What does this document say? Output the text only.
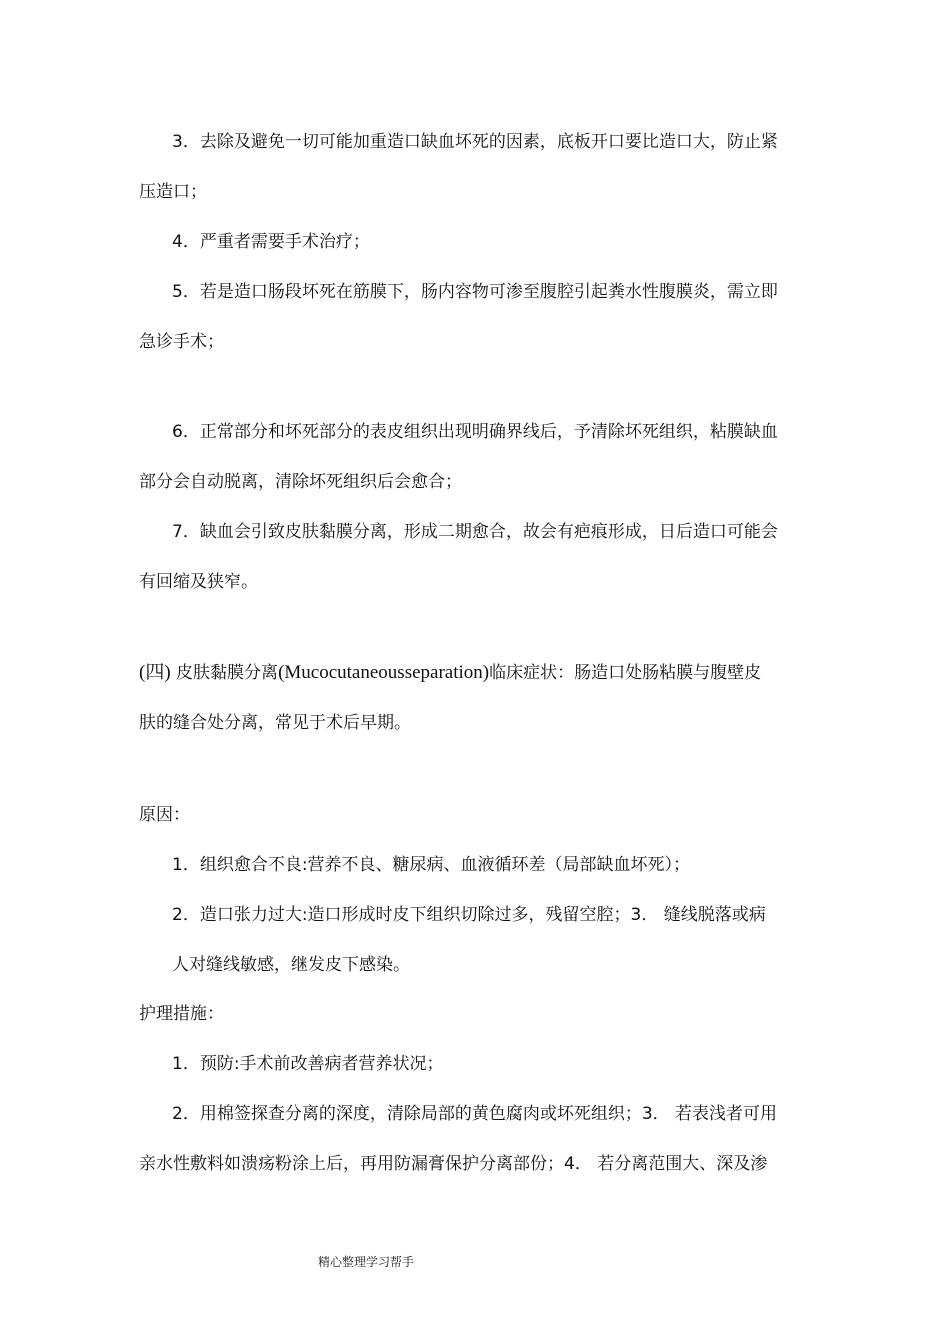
3．去除及避免一切可能加重造口缺血坏死的因素，底板开口要比造口大，防止紧
压造口；
4．严重者需要手术治疗；
5．若是造口肠段坏死在筋膜下，肠内容物可渗至腹腔引起粪水性腹膜炎，需立即
急诊手术；
6．正常部分和坏死部分的表皮组织出现明确界线后，予清除坏死组织，粘膜缺血
部分会自动脱离，清除坏死组织后会愈合；
7．缺血会引致皮肤黏膜分离，形成二期愈合，故会有疤痕形成，日后造口可能会
有回缩及狭窄。
(四) 皮肤黏膜分离(Mucocutaneousseparation)临床症状：肠造口处肠粘膜与腹壁皮
肤的缝合处分离，常见于术后早期。
原因：
1．组织愈合不良:营养不良、糖尿病、血液循环差（局部缺血坏死）；
2．造口张力过大:造口形成时皮下组织切除过多，残留空腔；3． 缝线脱落或病
人对缝线敏感，继发皮下感染。
护理措施：
1．预防:手术前改善病者营养状况；
2．用棉签探查分离的深度，清除局部的黄色腐肉或坏死组织；3． 若表浅者可用
亲水性敷料如溃疡粉涂上后，再用防漏膏保护分离部份；4． 若分离范围大、深及渗
精心整理学习帮手
